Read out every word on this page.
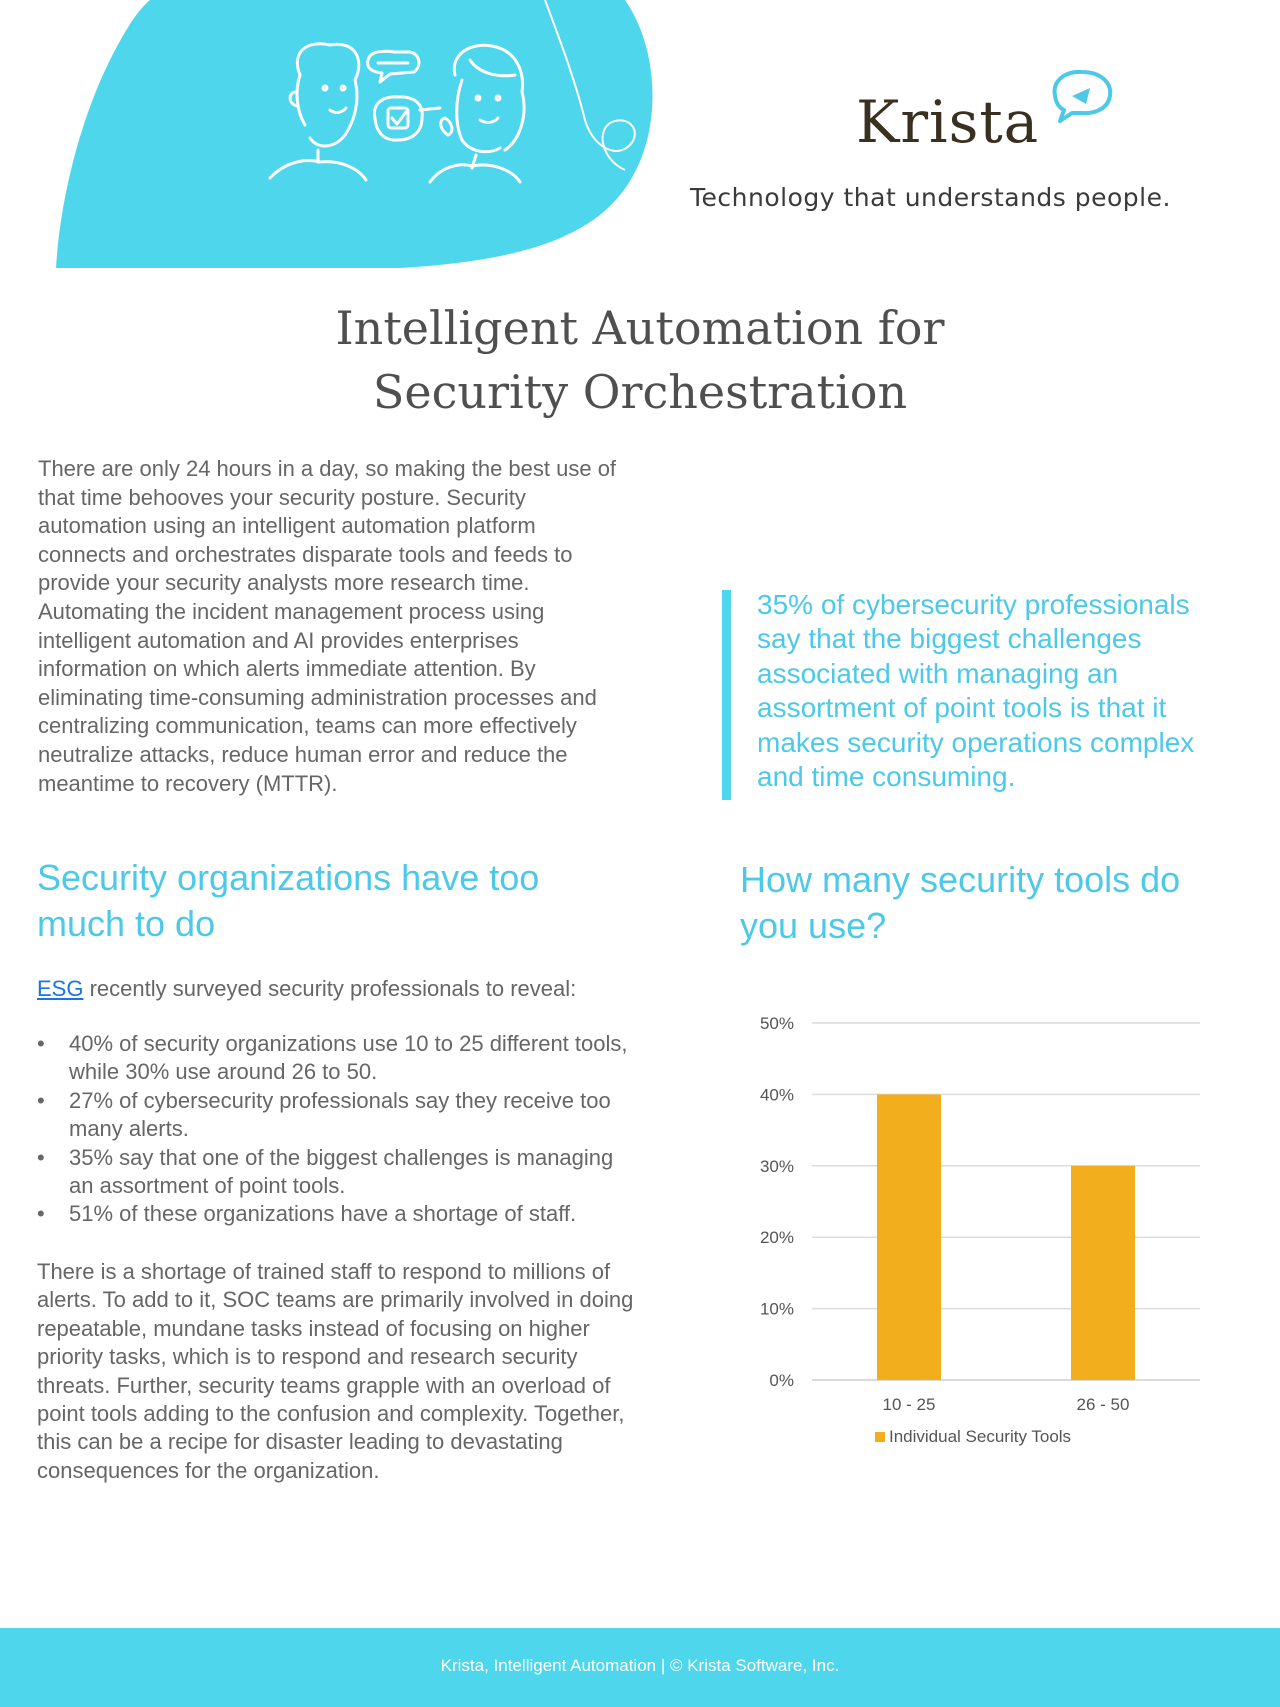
Krista
Technology that understands people.
Intelligent Automation for
Security Orchestration

There are only 24 hours in a day, so making the best use of that time behooves your security posture. Security automation using an intelligent automation platform connects and orchestrates disparate tools and feeds to provide your security analysts more research time. Automating the incident management process using intelligent automation and AI provides enterprises information on which alerts immediate attention. By eliminating time-consuming administration processes and centralizing communication, teams can more effectively neutralize attacks, reduce human error and reduce the meantime to recovery (MTTR).

35% of cybersecurity professionals say that the biggest challenges associated with managing an assortment of point tools is that it makes security operations complex and time consuming.

Security organizations have too much to do

ESG recently surveyed security professionals to reveal:

•	40% of security organizations use 10 to 25 different tools, while 30% use around 26 to 50.
•	27% of cybersecurity professionals say they receive too many alerts.
•	35% say that one of the biggest challenges is managing an assortment of point tools.
•	51% of these organizations have a shortage of staff.

There is a shortage of trained staff to respond to millions of alerts. To add to it, SOC teams are primarily involved in doing repeatable, mundane tasks instead of focusing on higher priority tasks, which is to respond and research security threats. Further, security teams grapple with an overload of point tools adding to the confusion and complexity. Together, this can be a recipe for disaster leading to devastating consequences for the organization.

How many security tools do you use?
0%
10%
20%
30%
40%
50%
10 - 25	26 - 50
Individual Security Tools
Krista, Intelligent Automation | © Krista Software, Inc.
